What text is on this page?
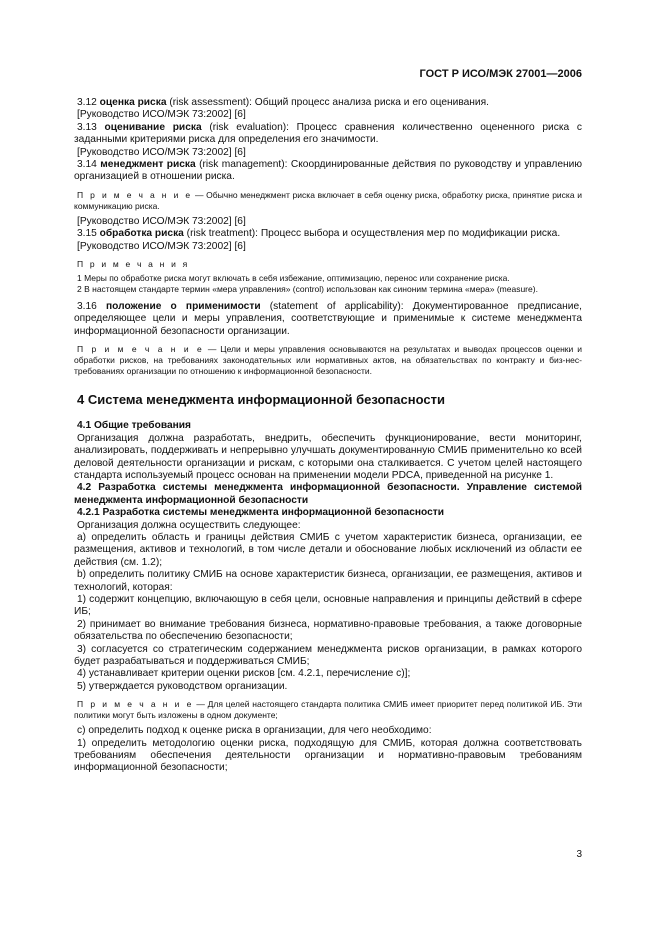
ГОСТ Р ИСО/МЭК 27001—2006

3.12 оценка риска (risk assessment): Общий процесс анализа риска и его оценивания.

[Руководство ИСО/МЭК 73:2002] [6]

3.13 оценивание риска (risk evaluation): Процесс сравнения количественно оцененного риска с заданными критериями риска для определения его значимости.

[Руководство ИСО/МЭК 73:2002] [6]

3.14 менеджмент риска (risk management): Скоординированные действия по руководству и управлению организацией в отношении риска.

П р и м е ч а н и е — Обычно менеджмент риска включает в себя оценку риска, обработку риска, принятие риска и коммуникацию риска.

[Руководство ИСО/МЭК 73:2002] [6]

3.15 обработка риска (risk treatment): Процесс выбора и осуществления мер по модификации риска.

[Руководство ИСО/МЭК 73:2002] [6]

П р и м е ч а н и я

1 Меры по обработке риска могут включать в себя избежание, оптимизацию, перенос или сохранение риска.

2 В настоящем стандарте термин «мера управления» (control) использован как синоним термина «мера» (measure).

3.16 положение о применимости (statement of applicability): Документированное предписание, определяющее цели и меры управления, соответствующие и применимые к системе менеджмента информационной безопасности организации.

П р и м е ч а н и е — Цели и меры управления основываются на результатах и выводах процессов оценки и обработки рисков, на требованиях законодательных или нормативных актов, на обязательствах по контракту и биз-нес-требованиях организации по отношению к информационной безопасности.

4 Система менеджмента информационной безопасности

4.1 Общие требования

Организация должна разработать, внедрить, обеспечить функционирование, вести мониторинг, анализировать, поддерживать и непрерывно улучшать документированную СМИБ применительно ко всей деловой деятельности организации и рискам, с которыми она сталкивается. С учетом целей настоящего стандарта используемый процесс основан на применении модели PDCA, приведенной на рисунке 1.

4.2 Разработка системы менеджмента информационной безопасности. Управление системой менеджмента информационной безопасности

4.2.1 Разработка системы менеджмента информационной безопасности

Организация должна осуществить следующее:

а) определить область и границы действия СМИБ с учетом характеристик бизнеса, организации, ее размещения, активов и технологий, в том числе детали и обоснование любых исключений из области ее действия (см. 1.2);

b) определить политику СМИБ на основе характеристик бизнеса, организации, ее размещения, активов и технологий, которая:

1) содержит концепцию, включающую в себя цели, основные направления и принципы действий в сфере ИБ;

2) принимает во внимание требования бизнеса, нормативно-правовые требования, а также договорные обязательства по обеспечению безопасности;

3) согласуется со стратегическим содержанием менеджмента рисков организации, в рамках которого будет разрабатываться и поддерживаться СМИБ;

4) устанавливает критерии оценки рисков [см. 4.2.1, перечисление c)];

5) утверждается руководством организации.

П р и м е ч а н и е — Для целей настоящего стандарта политика СМИБ имеет приоритет перед политикой ИБ. Эти политики могут быть изложены в одном документе;

c) определить подход к оценке риска в организации, для чего необходимо:

1) определить методологию оценки риска, подходящую для СМИБ, которая должна соответствовать требованиям обеспечения деятельности организации и нормативно-правовым требованиям информационной безопасности;

3
